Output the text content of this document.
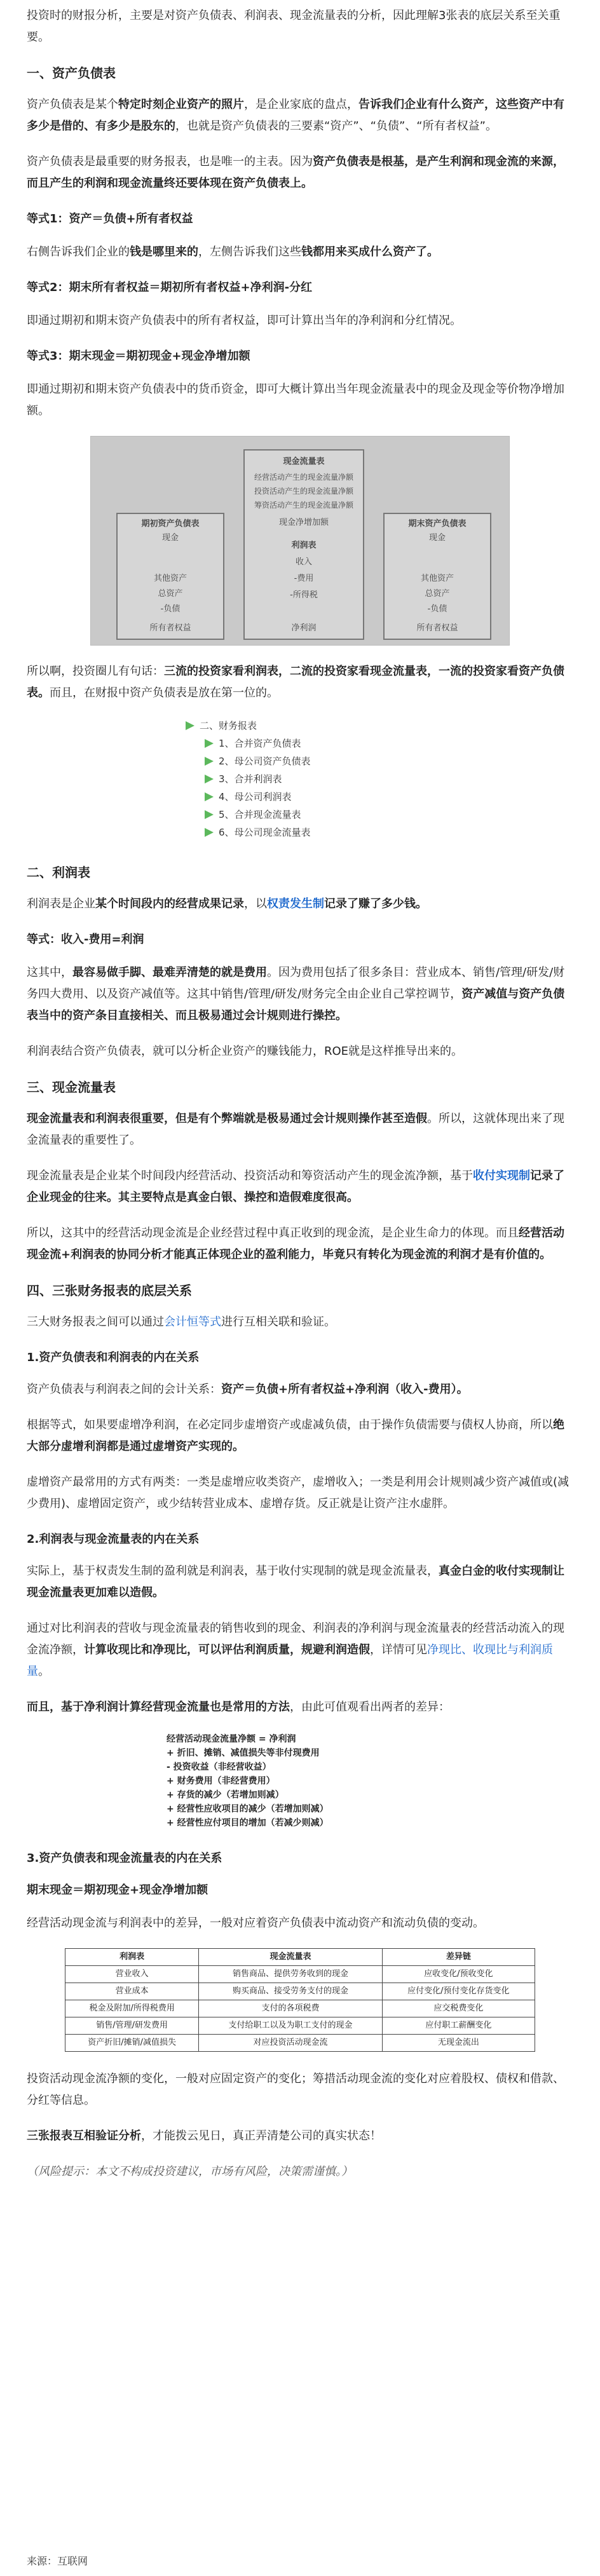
投资时的财报分析，主要是对资产负债表、利润表、现金流量表的分析，因此理解3张表的底层关系至关重要。

一、资产负债表

资产负债表是某个特定时刻企业资产的照片，是企业家底的盘点，告诉我们企业有什么资产，这些资产中有多少是借的、有多少是股东的，也就是资产负债表的三要素“资产”、“负债”、“所有者权益”。

资产负债表是最重要的财务报表，也是唯一的主表。因为资产负债表是根基，是产生利润和现金流的来源，而且产生的利润和现金流量终还要体现在资产负债表上。

等式1：资产＝负债+所有者权益

右侧告诉我们企业的钱是哪里来的，左侧告诉我们这些钱都用来买成什么资产了。

等式2：期末所有者权益＝期初所有者权益+净利润-分红

即通过期初和期末资产负债表中的所有者权益，即可计算出当年的净利润和分红情况。

等式3：期末现金＝期初现金+现金净增加额

即通过期初和期末资产负债表中的货币资金，即可大概计算出当年现金流量表中的现金及现金等价物净增加额。

期初资产负债表
现金
其他资产
总资产
-负债
所有者权益
现金流量表
经营活动产生的现金流量净额
投资活动产生的现金流量净额
筹资活动产生的现金流量净额
现金净增加额
利润表
收入
-费用
-所得税
净利润
期末资产负债表
现金
其他资产
总资产
-负债
所有者权益

所以啊，投资圈儿有句话：三流的投资家看利润表，二流的投资家看现金流量表，一流的投资家看资产负债表。而且，在财报中资产负债表是放在第一位的。

二、财务报表
1、合并资产负债表
2、母公司资产负债表
3、合并利润表
4、母公司利润表
5、合并现金流量表
6、母公司现金流量表
二、利润表

利润表是企业某个时间段内的经营成果记录，以权责发生制记录了赚了多少钱。

等式：收入-费用=利润

这其中，最容易做手脚、最难弄清楚的就是费用。因为费用包括了很多条目：营业成本、销售/管理/研发/财务四大费用、以及资产减值等。这其中销售/管理/研发/财务完全由企业自己掌控调节，资产减值与资产负债表当中的资产条目直接相关、而且极易通过会计规则进行操控。

利润表结合资产负债表，就可以分析企业资产的赚钱能力，ROE就是这样推导出来的。

三、现金流量表

现金流量表和利润表很重要，但是有个弊端就是极易通过会计规则操作甚至造假。所以，这就体现出来了现金流量表的重要性了。

现金流量表是企业某个时间段内经营活动、投资活动和筹资活动产生的现金流净额，基于收付实现制记录了企业现金的往来。其主要特点是真金白银、操控和造假难度很高。

所以，这其中的经营活动现金流是企业经营过程中真正收到的现金流，是企业生命力的体现。而且经营活动现金流+利润表的协同分析才能真正体现企业的盈利能力，毕竟只有转化为现金流的利润才是有价值的。

四、三张财务报表的底层关系

三大财务报表之间可以通过会计恒等式进行互相关联和验证。

1.资产负债表和利润表的内在关系

资产负债表与利润表之间的会计关系：资产＝负债+所有者权益+净利润（收入-费用）。

根据等式，如果要虚增净利润，在必定同步虚增资产或虚减负债，由于操作负债需要与债权人协商，所以绝大部分虚增利润都是通过虚增资产实现的。

虚增资产最常用的方式有两类：一类是虚增应收类资产，虚增收入；一类是利用会计规则减少资产减值或(减少费用)、虚增固定资产，或少结转营业成本、虚增存货。反正就是让资产注水虚胖。

2.利润表与现金流量表的内在关系

实际上，基于权责发生制的盈利就是利润表，基于收付实现制的就是现金流量表，真金白金的收付实现制让现金流量表更加难以造假。

通过对比利润表的营收与现金流量表的销售收到的现金、利润表的净利润与现金流量表的经营活动流入的现金流净额，计算收现比和净现比，可以评估利润质量，规避利润造假，详情可见净现比、收现比与利润质量。

而且，基于净利润计算经营现金流量也是常用的方法，由此可值观看出两者的差异：

经营活动现金流量净额 = 净利润
+ 折旧、摊销、减值损失等非付现费用
- 投资收益（非经营收益）
+ 财务费用（非经营费用）
+ 存货的减少（若增加则减）
+ 经营性应收项目的减少（若增加则减）
+ 经营性应付项目的增加（若减少则减）
3.资产负债表和现金流量表的内在关系
期末现金＝期初现金+现金净增加额

经营活动现金流与利润表中的差异，一般对应着资产负债表中流动资产和流动负债的变动。

利润表	现金流量表	差异链
营业收入	销售商品、提供劳务收到的现金	应收变化/预收变化
营业成本	购买商品、接受劳务支付的现金	应付变化/预付变化存货变化
税金及附加/所得税费用	支付的各项税费	应交税费变化
销售/管理/研发费用	支付给职工以及为职工支付的现金	应付职工薪酬变化
资产折旧/摊销/减值损失	对应投资活动现金流	无现金流出

投资活动现金流净额的变化，一般对应固定资产的变化；筹措活动现金流的变化对应着股权、债权和借款、分红等信息。

三张报表互相验证分析，才能拨云见日，真正弄清楚公司的真实状态！

（风险提示：本文不构成投资建议，市场有风险，决策需谨慎。）

来源：互联网
